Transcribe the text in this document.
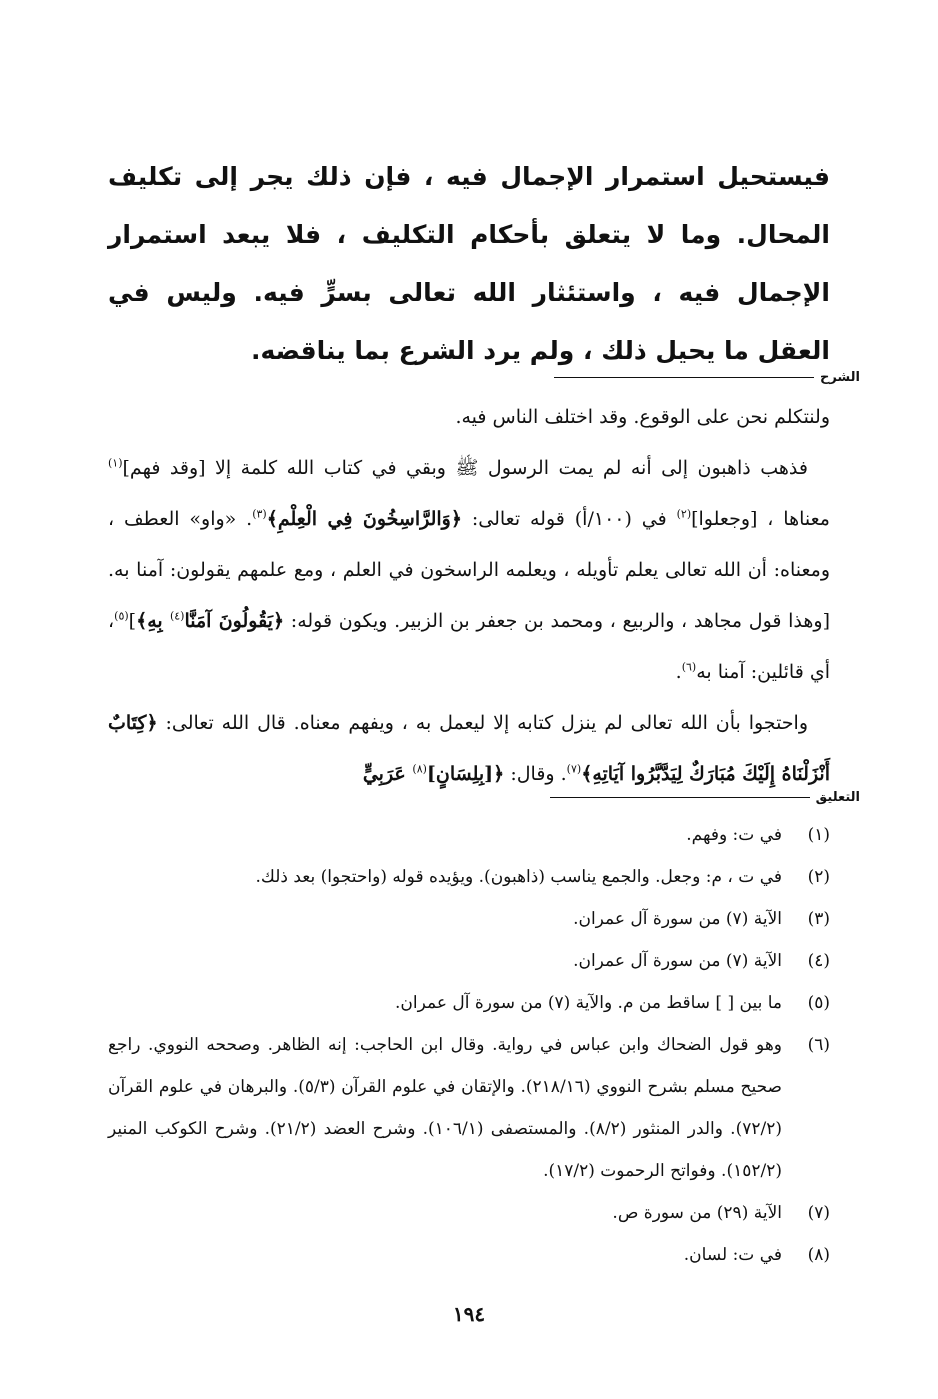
فيستحيل استمرار الإجمال فيه ، فإن ذلك يجر إلى تكليف المحال. وما لا يتعلق بأحكام التكليف ، فلا يبعد استمرار الإجمال فيه ، واستئثار الله تعالى بسرٍّ فيه. وليس في العقل ما يحيل ذلك ، ولم يرد الشرع بما يناقضه.

الشرح

ولنتكلم نحن على الوقوع. وقد اختلف الناس فيه.

فذهب ذاهبون إلى أنه لم يمت الرسول ﷺ وبقي في كتاب الله كلمة إلا [وقد فهم]$^{(١)}$ معناها ، [وجعلوا]$^{(٢)}$ في (١٠٠/أ) قوله تعالى: ﴿وَالرَّاسِخُونَ فِي الْعِلْمِ﴾$^{(٣)}$. «واو» العطف ، ومعناه: أن الله تعالى يعلم تأويله ، ويعلمه الراسخون في العلم ، ومع علمهم يقولون: آمنا به. [وهذا قول مجاهد ، والربيع ، ومحمد بن جعفر بن الزبير. ويكون قوله: ﴿يَقُولُونَ آمَنَّا$^{(٤)}$ بِهِ﴾]$^{(٥)}$، أي قائلين: آمنا به$^{(٦)}$.

واحتجوا بأن الله تعالى لم ينزل كتابه إلا ليعمل به ، ويفهم معناه. قال الله تعالى: ﴿كِتَابٌ أَنْزَلْنَاهُ إِلَيْكَ مُبَارَكٌ لِيَدَّبَّرُوا آيَاتِهِ﴾$^{(٧)}$. وقال: ﴿[بِلِسَانٍ]$^{(٨)}$ عَرَبِيٍّ

التعليق
(١)
في ت: وفهم.
(٢)
في ت ، م: وجعل. والجمع يناسب (ذاهبون). ويؤيده قوله (واحتجوا) بعد ذلك.
(٣)
الآية (٧) من سورة آل عمران.
(٤)
الآية (٧) من سورة آل عمران.
(٥)
ما بين [ ] ساقط من م. والآية (٧) من سورة آل عمران.
(٦)
وهو قول الضحاك وابن عباس في رواية. وقال ابن الحاجب: إنه الظاهر. وصححه النووي. راجع صحيح مسلم بشرح النووي (٢١٨/١٦). والإتقان في علوم القرآن (٥/٣). والبرهان في علوم القرآن (٧٢/٢). والدر المنثور (٨/٢). والمستصفى (١٠٦/١). وشرح العضد (٢١/٢). وشرح الكوكب المنير (١٥٢/٢). وفواتح الرحموت (١٧/٢).
(٧)
الآية (٢٩) من سورة ص.
(٨)
في ت: لسان.
١٩٤
